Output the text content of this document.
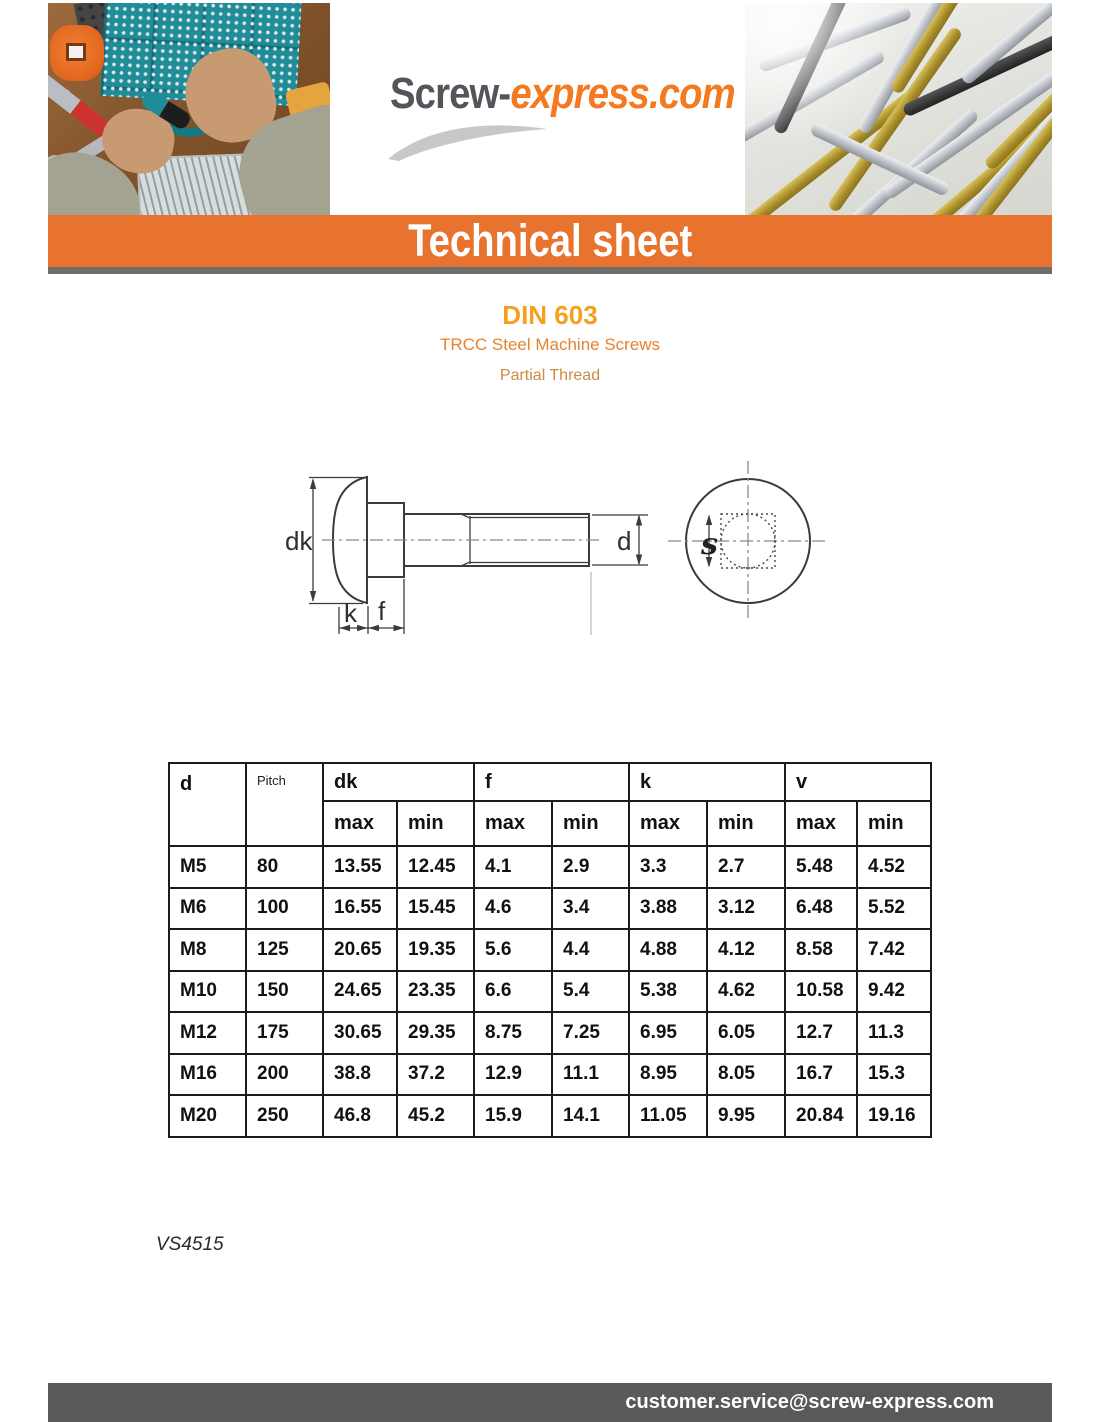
Screw-express.com
Technical sheet
DIN 603
TRCC Steel Machine Screws
Partial Thread
dk
k f
d s
d	Pitch	dk		f		k		v	
		max	min	max	min	max	min	max	min
M5	80	13.55	12.45	4.1	2.9	3.3	2.7	5.48	4.52
M6	100	16.55	15.45	4.6	3.4	3.88	3.12	6.48	5.52
M8	125	20.65	19.35	5.6	4.4	4.88	4.12	8.58	7.42
M10	150	24.65	23.35	6.6	5.4	5.38	4.62	10.58	9.42
M12	175	30.65	29.35	8.75	7.25	6.95	6.05	12.7	11.3
M16	200	38.8	37.2	12.9	11.1	8.95	8.05	16.7	15.3
M20	250	46.8	45.2	15.9	14.1	11.05	9.95	20.84	19.16
VS4515
customer.service@screw-express.com
